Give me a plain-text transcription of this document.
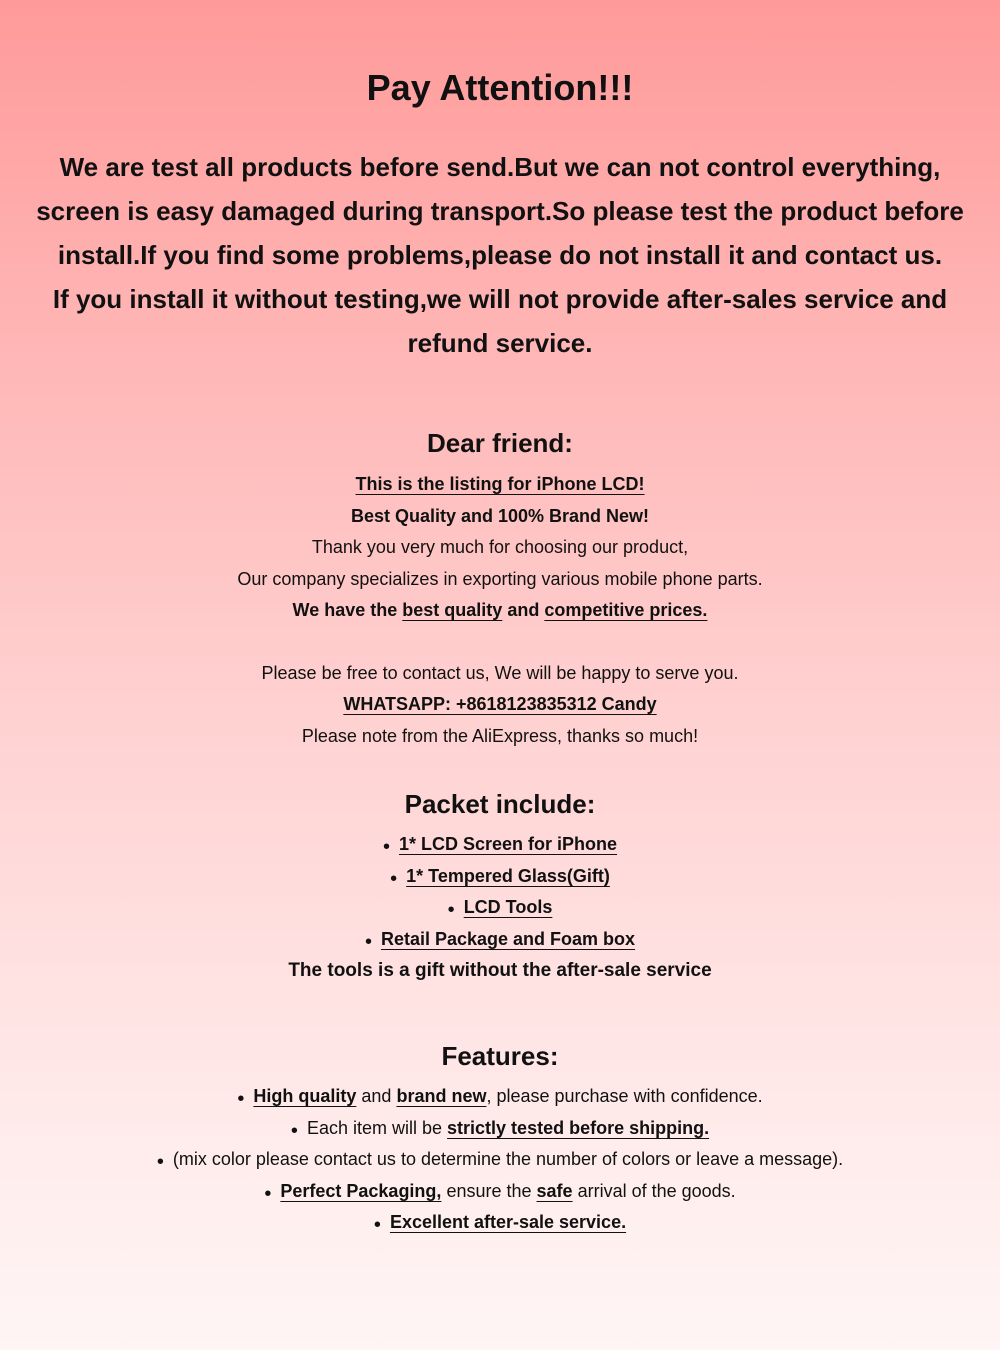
Pay Attention!!!
We are test all products before send.But we can not control everything,
screen is easy damaged during transport.So please test the product before
install.If you find some problems,please do not install it and contact us.
If you install it without testing,we will not provide after-sales service and
refund service.
Dear friend:
This is the listing for iPhone LCD!
Best Quality and 100% Brand New!
Thank you very much for choosing our product,
Our company specializes in exporting various mobile phone parts.
We have the best quality and competitive prices.
Please be free to contact us, We will be happy to serve you.
WHATSAPP: +8618123835312 Candy
Please note from the AliExpress, thanks so much!
Packet include:
• 1* LCD Screen for iPhone
• 1* Tempered Glass(Gift)
• LCD Tools
• Retail Package and Foam box
The tools is a gift without the after-sale service
Features:
• High quality and brand new, please purchase with confidence.
• Each item will be strictly tested before shipping.
• (mix color please contact us to determine the number of colors or leave a message).
• Perfect Packaging, ensure the safe arrival of the goods.
• Excellent after-sale service.
